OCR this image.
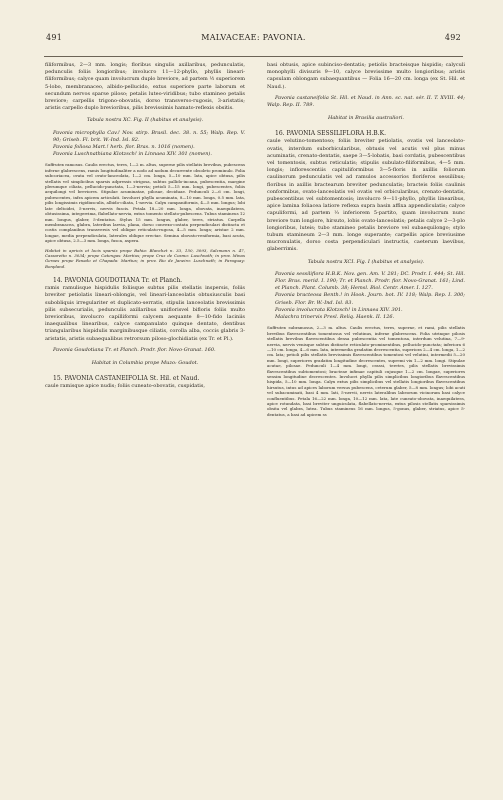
491	MALVACEAE: PAVONIA.	492

filiformibus, 2—3 mm. longis; floribus singulis axillaribus, pedunculatis, pedunculis foliis longioribus; involucro 11—12-phyllo, phyllis lineari-filiformibus; calyce quam involucrum duplo breviore, ad partem ½ superiorem 5-lobo, membranaceo, albido-pellucido, extus superiore parte laborum et secundum nervos sparse piloso; petalis luteo-viridibus; tubo stamineo petalis breviore; carpellis trigono-obovatis, dorso transverso-rugosis, 3-aristatis; aristis carpello duplo brevioribus, pilis brevissimis hamato-reflexis obsitis.

Tabula nostra XC. Fig. II (habitus et analysis).
Pavonia microphylla Cav.! Nov. stirp. Brasil. dec. 38. n. 55; Walp. Rep. V. 90; Griseb. Fl. brit. W.-Ind. Isl. 82.
Pavonia foliosa Mart.! herb. flor. Bras. n. 1016 (nomen).
Pavonia Luschnathiana Klotzsch! in Linnaea XIV. 301 (nomen).

Suffrutex ramosus. Caulis erectus, teres, 1—2 m. altus, superne pilis stellatis brevibus, pubescens inferne glabrescens, ramis longitudinaliter a nodo ad nodum decurrente obsoleto prominulo. Folia subcoriacea, ovata vel ovato-lanceolata, 1—2 cm. longa, 5—10 mm. lata, apice obtusa, pilis stellatis vel simplicibus sparsis adpressis strigosa, subtus pallido-incana, pubescentia, margine plerumque ciliata, pellucido-punctata, 1—3-nervia; petioli 5—15 mm. longi, pubescentes, foliis aequilongi vel breviores. Stipulae acuminatae, pilosae, deciduae. Pedunculi 2—6 cm. longi, pubescentes, infra apicem articulati. Involucri phylla acuminata, 8—10 mm. longa, 0.5 mm. lata, pilis longissimis rigidiusculis, albido-ciliata, 1-nervia. Calyx campaniformis, 4—5 mm. longus; lobi late deltoidei, 5-nervis, nervis fuscis. Petala 18—20 mm. longa, obovata, inaequilatera, obtusissima, integerrima, flabellato-nervia, extus tomento stellato-pubescens. Tubus stamineus 12 mm. longus, glaber, 5-dentatus. Stylus 15 mm. longus, glaber, teres, striatus. Carpella membranacea, glabra, lateribus laevia, plana, dorso convexo-costata perpendiculari distincta et costis complanibus transversis vel oblique reticulato-rugosa, 4—5 mm. longa; aristae 2 mm. longae, media perpendiculata, laterales oblique erectae. Semina obovato-reniformia, basi acuta, apice obtusa, 2.5—3 mm. longa, fusca, aspera.

Habitat in apricis et locis sparsis prope Bahia: Blanchet n. 33, 150, 3093, Salzmann n. 47, Cassaretto n. 3034; prope Catengas: Martius; prope Cruz de Cosmo: Luschnath; in prov. Minas Geraes prope Fanado et Chapada: Martius; in prov. Rio de Janeiro: Luschnath; in Paraguay: Bonpland.

14. PAVONIA GOUDOTIANA Tr. et Planch.

ramis ramulisque hispidulis foliisque subtus pilis stellatis inspersis, foliis breviter petiolatis lineari-oblongis, vel lineari-lanceolatis obtusiusculis basi subobliquis irregulariter et duplicato-serratis, stipulis lanceolatis brevissimis pilis subsecurialis, pedunculis axillaribus uniflorisvel bifloris foliis multo brevioribus, involucro capilliformi calycem aequante 8—10-fido laciniis inaequalibus linearibus, calyce campanulato quinque dentato, dentibus triangularibus hispidulis marginibusque ciliatis, corolla alba, coccis glabris 3-aristatis, aristis subaequalibus retrorsum piloso-glochidiatis (ex Tr. et Pl.).

Pavonia Goudotiana Tr. et Planch. Prodr. flor. Novo-Granat. 160.
Habitat in Columbia prope Muzo: Goudot.
15. PAVONIA CASTANEIFOLIA St. Hil. et Naud.

caule ramisque apice nudis; foliis cuneato-obovatis, cuspidatis,

basi obtusis, apice subinciso-dentatis; petiolis bracteisque hispidis; calyculi monophylli divisuris 9—10, calyce brevissime multo longioribus; aristis capsulam oblongam subaequantibus — Folia 16—20 cm. longa (ex St. Hil. et Naud.).

Pavonia castaneifolia St. Hil. et Naud. in Ann. sc. nat. sér. II. T. XVIII. 44; Walp. Rep. II. 789.
Habitat in Brasilia australiori.
16. PAVONIA SESSILIFLORA H.B.K.

caule velutino-tomentoso; foliis breviter petiolatis, ovatis vel lanceolato-ovatis, interdum suborbicularibus, obtusis vel acutis vel plus minus acuminatis, crenato-dentatis, saepe 3—5-lobatis, basi cordatis, pubescentibus vel tomentosis, subtus reticulatis; stipulis subulato-filiformibus, 4—5 mm. longis; inflorescentiis capituliformibus 3—5-floris in axillis foliorum caulinorum pedunculatis vel ad ramulos accessorios floriferos sessilibus; floribus in axillis bractearum breviter pedunculatis; bracteis foliis caulinis conformibus, ovato-lanceolatis vel ovatis vel orbicularibus, crenato-dentatis, pubescentibus vel subtomentosis; involucro 9—11-phyllo, phyllis linearibus, apice lamina foliacea latiore reflexa supra basin affixa appendiculatis; calyce capuliformi, ad partem ⅓ inferiorem 5-partito, quam involucrum nunc breviore tum longiore, hirsuto, lobis ovato-lanceolatis; petalis calyce 2—3-plo longioribus, luteis; tubo stamineo petalis breviore vel subaequilongo; stylo tubum stamineum 2—3 mm. longe superante; carpellis apice breviusime mucronulatis, dorso costa perpendiculari instructis, caeterum laevibus, glaberrimis.

Tabula nostra XCI. Fig. I (habitus et analysis).
Pavonia sessiliflora H.B.K. Nov. gen. Am. V. 281; DC. Prodr. I. 444; St. Hil. Flor. Bras. merid. I. 190; Tr. et Planch. Prodr. flor. Novo-Granat. 161; Lind. et Planch. Plant. Columb. 38; Hemsl. Biol. Centr. Amer. I. 127.
Pavonia bracteosa Benth.! in Hook. Journ. bot. IV. 118; Walp. Rep. I. 300; Griseb. Flor. Br. W.-Ind. Isl. 83.
Pavonia involucrata Klotzsch! in Linnaea XIV. 301.
Malachra trinervis Presl. Reliq. Haenk. II. 126.

Suffrutex subramosus, 2—3 m. altus. Caulis erectus, teres, superne, et rami, pilis stellatis brevibus flavescentibus tomentosus vel velutinus, inferne glabrescens. Folia utrinque pilosis stellatis brevibus flavescentibus densa pubescentia vel tomentosa, interdum velutina, 7—9-nervia, nervis venisque subtus distincte reticulato-prominentibus, pellucido-punctata; inferiora 6—10 cm. longa, 4—6 mm. lata, intermedia gradatim decrescentia, superiora 2—4 cm. longa, 1—2 cm. lata; petioli pilis stellatis brevissimis flavescentibus tomentosi vel velutini, intermedii 5—20 mm. longi, superiores gradatim longitudine decrescentes, supremi vix 1—2 mm. longi. Stipulae acutae, pilosae. Pedunculi 1—4 mm. longi, crassi, teretes, pilis stellatis brevissimis flavescentibus subtomentosi; bracteae infimae capituli cujusque 1—2 cm. longae, superiores sensim longitudine decrescentes. Involucri phylla pilis simplicibus longioribus flavescentibus hispida, 5—10 mm. longa. Calyx extus pilis simplicibus vel stellatis longioribus flavescentibus hirsutus, intus ad apices laborum versus pubescens, ceterum glaber, 5—8 mm. longus; lobi acuti vel subacuminati, basi 4 mm. lati, 5-nervii, nervis lateralibus labeorum vicinorum basi calyce confluentibus. Petala 16—22 mm. longa, 10—12 mm. lata, late cuneato-obovata, inaequilatera, apice rotundata, basi breviter unguiculata, flabellato-nervia, extus pilosis stellatis sparsissimis obsita vel glabra, lutea. Tubus stamineus 16 mm. longus, 5-gonus, glaber, striatus, apice 5-dentatus, a basi ad apicem ss
